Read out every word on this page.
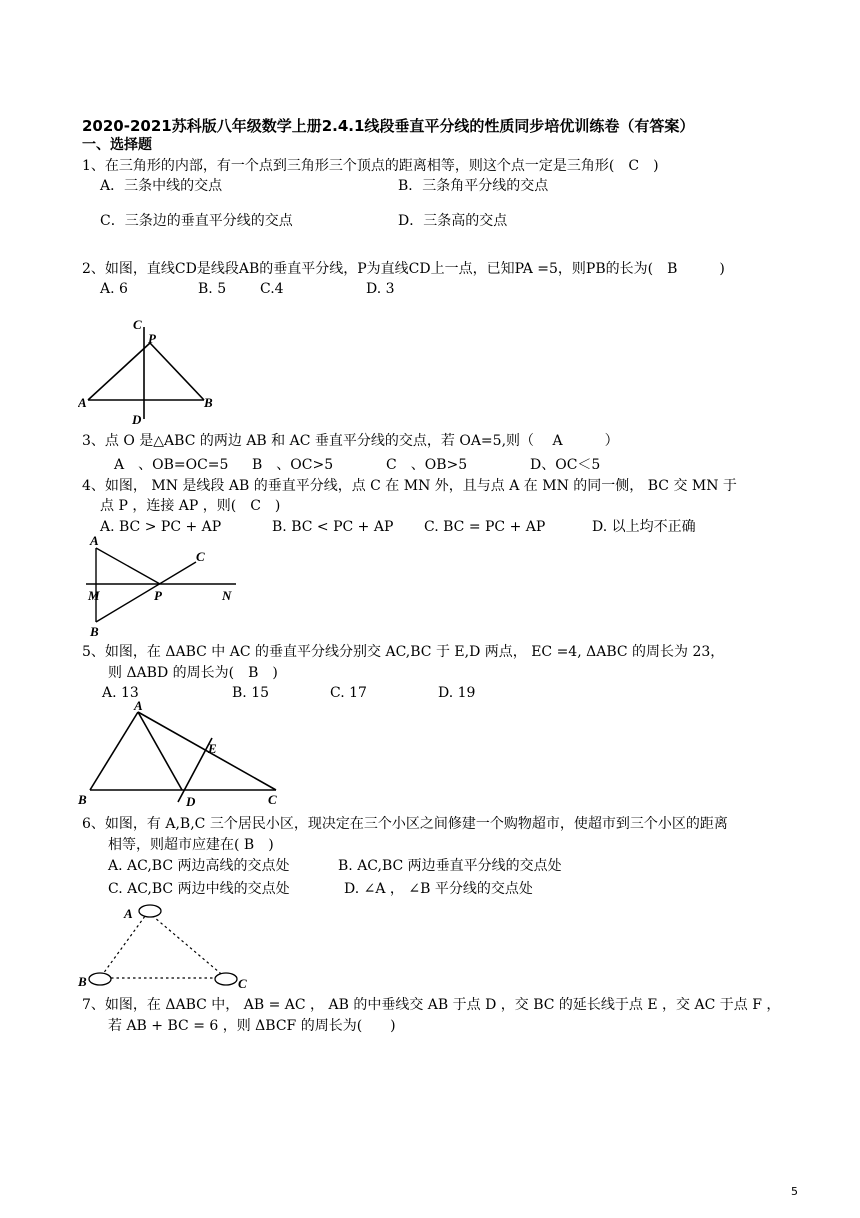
2020-2021苏科版八年级数学上册2.4.1线段垂直平分线的性质同步培优训练卷（有答案）
一、选择题
1、在三角形的内部，有一个点到三角形三个顶点的距离相等，则这个点一定是三角形(　C　)
A．三条中线的交点	B．三条角平分线的交点
C．三条边的垂直平分线的交点	D．三条高的交点
2、如图，直线CD是线段AB的垂直平分线，P为直线CD上一点，已知PA =5，则PB的长为(　B　　　)
A. 6	B. 5 C.4	D. 3
C
P
A	B
D
3、点 O 是△ABC 的两边 AB 和 AC 垂直平分线的交点，若 OA=5,则（　 A　　　）
A　、OB=OC=5 B　、OC>5	C　、OB>5	D、OC＜5
4、如图， MN 是线段 AB 的垂直平分线，点 C 在 MN 外，且与点 A 在 MN 的同一侧， BC 交 MN 于
点 P ，连接 AP ，则(　C　)
A. BC > PC + AP	B. BC < PC + AP C. BC = PC + AP	D. 以上均不正确
A
C
M	P	N
B
5、如图，在 ΔABC 中 AC 的垂直平分线分别交 AC,BC 于 E,D 两点， EC =4, ΔABC 的周长为 23，
则 ΔABD 的周长为(　B　)
A. 13	B. 15	C. 17	D. 19
A
E
B	D	C
6、如图，有 A,B,C 三个居民小区，现决定在三个小区之间修建一个购物超市，使超市到三个小区的距离
相等，则超市应建在( B　)
A. AC,BC 两边高线的交点处	B. AC,BC 两边垂直平分线的交点处
C. AC,BC 两边中线的交点处	D. ∠A ， ∠B 平分线的交点处
A
B	C
7、如图，在 ΔABC 中， AB = AC ， AB 的中垂线交 AB 于点 D ，交 BC 的延长线于点 E ，交 AC 于点 F ，
若 AB + BC = 6 ，则 ΔBCF 的周长为(　　)
5
